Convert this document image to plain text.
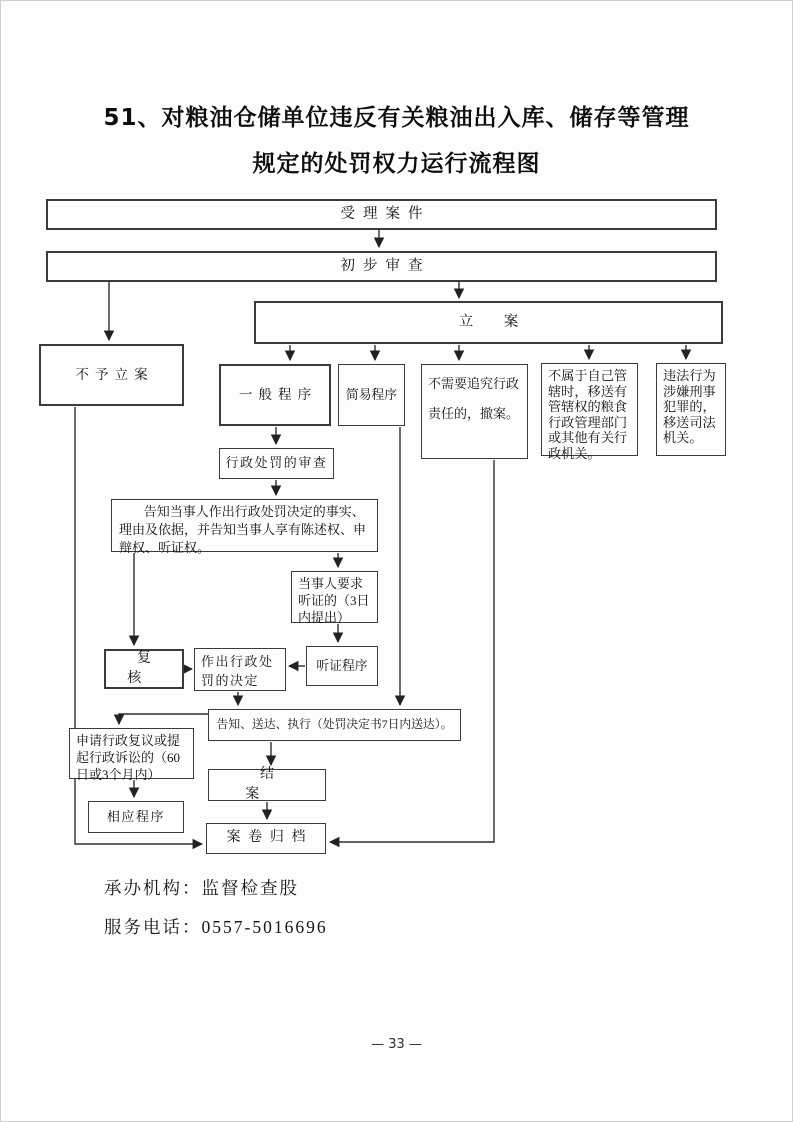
51、对粮油仓储单位违反有关粮油出入库、储存等管理
规定的处罚权力运行流程图
受理案件
初步审查
立案
不予立案
一般程序	简易程序
不需要追究行政责任的，撤案。
不属于自己管辖时，移送有管辖权的粮食行政管理部门或其他有关行政机关。
违法行为涉嫌刑事犯罪的，移送司法机关。
行政处罚的审查

告知当事人作出行政处罚决定的事实、理由及依据，并告知当事人享有陈述权、申辩权、听证权。

当事人要求听证的（3日内提出）
复核
听证程序
作出行政处罚的决定
告知、送达、执行（处罚决定书7日内送达）。
申请行政复议或提起行政诉讼的（60日或3个月内）
相应程序
结案
案卷归档
承办机构：监督检查股
服务电话：0557-5016696
— 33 —
